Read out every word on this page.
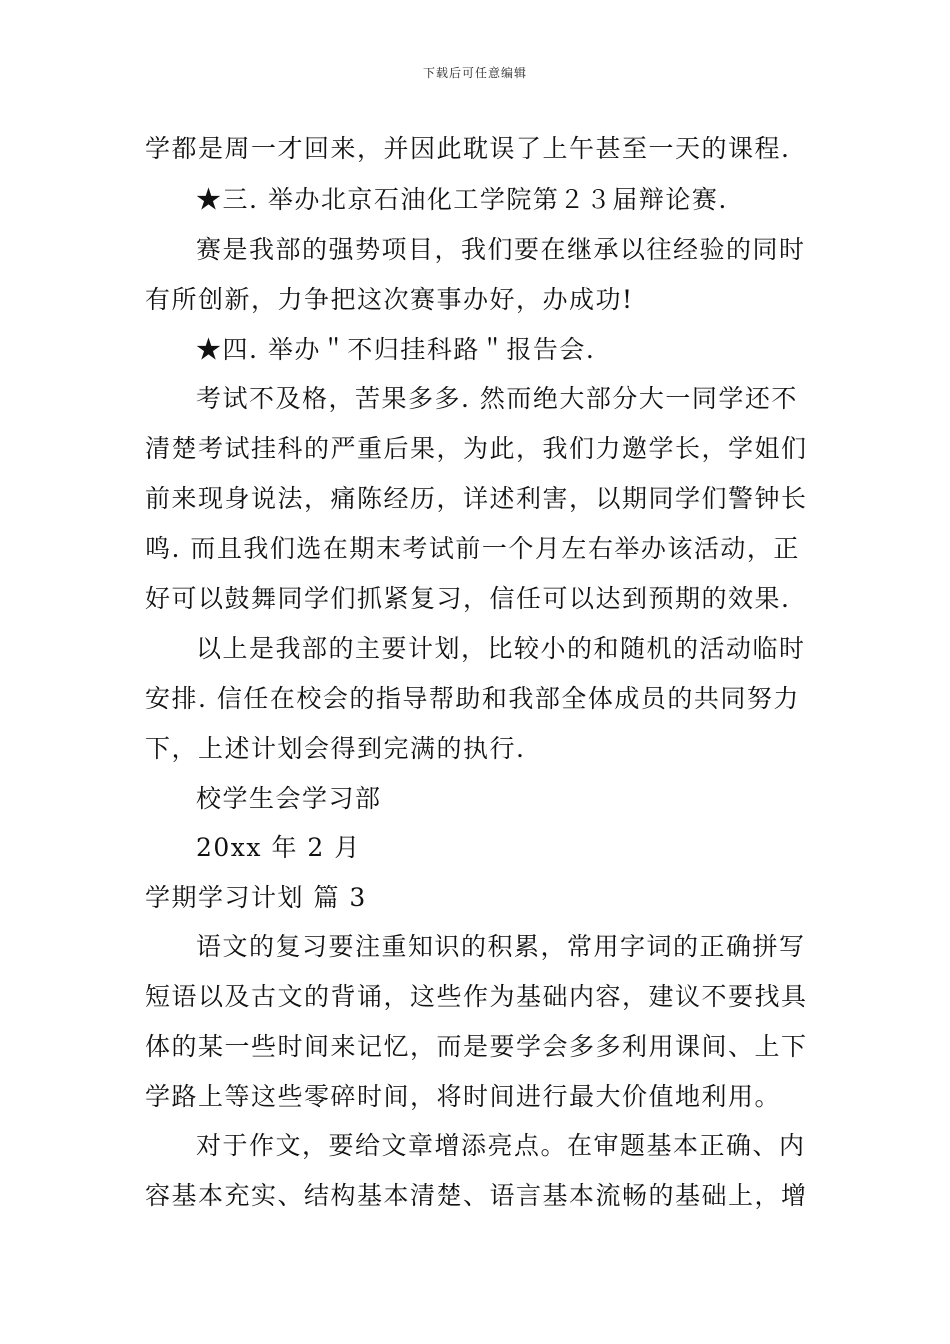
下载后可任意编辑
学都是周一才回来，并因此耽误了上午甚至一天的课程.
★三. 举办北京石油化工学院第２３届辩论赛.
赛是我部的强势项目，我们要在继承以往经验的同时
有所创新，力争把这次赛事办好，办成功!
★四. 举办＂不归挂科路＂报告会.
考试不及格，苦果多多. 然而绝大部分大一同学还不
清楚考试挂科的严重后果，为此，我们力邀学长，学姐们
前来现身说法，痛陈经历，详述利害，以期同学们警钟长
鸣. 而且我们选在期末考试前一个月左右举办该活动，正
好可以鼓舞同学们抓紧复习，信任可以达到预期的效果.
以上是我部的主要计划，比较小的和随机的活动临时
安排. 信任在校会的指导帮助和我部全体成员的共同努力
下，上述计划会得到完满的执行.
校学生会学习部
20xx 年 2 月
学期学习计划 篇 3
语文的复习要注重知识的积累，常用字词的正确拼写
短语以及古文的背诵，这些作为基础内容，建议不要找具
体的某一些时间来记忆，而是要学会多多利用课间、上下
学路上等这些零碎时间，将时间进行最大价值地利用。
对于作文，要给文章增添亮点。在审题基本正确、内
容基本充实、结构基本清楚、语言基本流畅的基础上，增
